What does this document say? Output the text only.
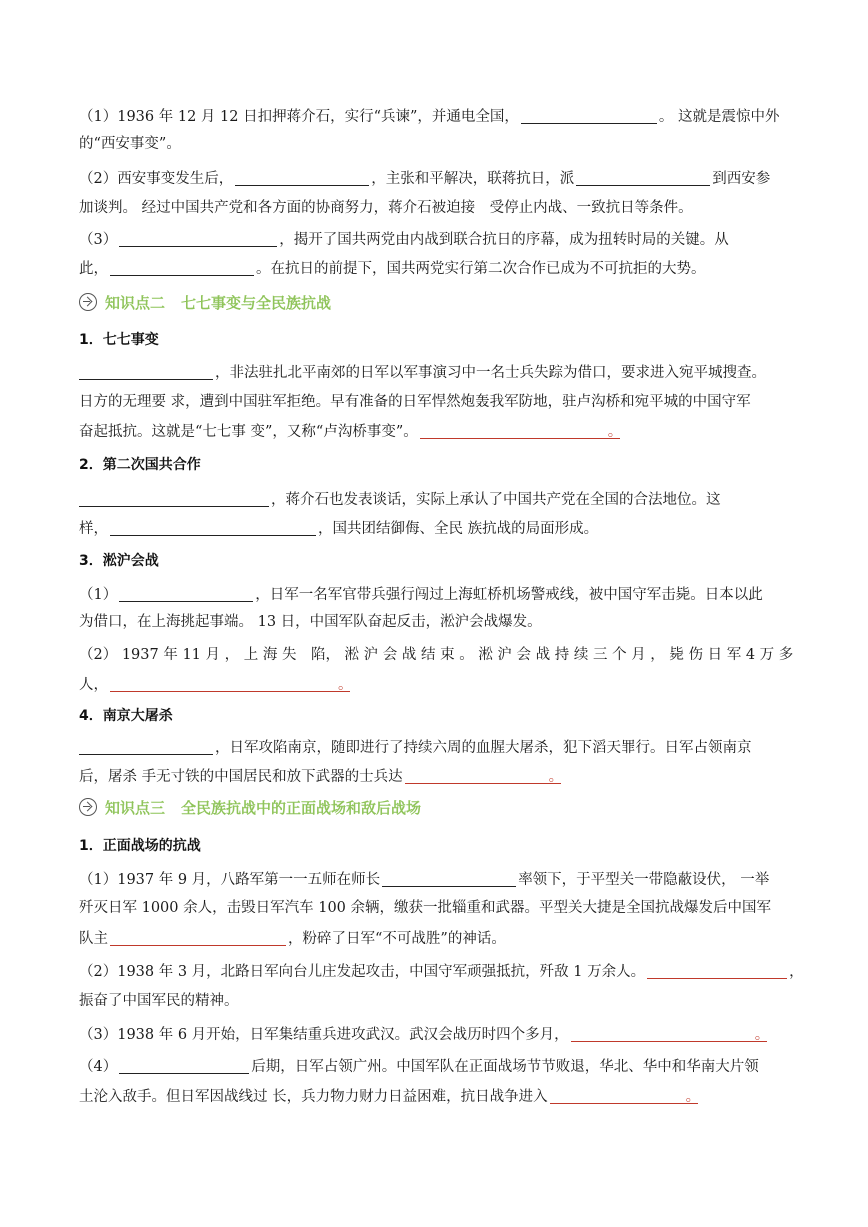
（1）1936 年 12 月 12 日扣押蒋介石，实行“兵谏”，并通电全国，	。 这就是震惊中外
的“西安事变”。
（2）西安事变发生后，	，主张和平解决，联蒋抗日，派	到西安参
加谈判。 经过中国共产党和各方面的协商努力，蒋介石被迫接　受停止内战、一致抗日等条件。
（3）	，揭开了国共两党由内战到联合抗日的序幕，成为扭转时局的关键。从
此，	。在抗日的前提下，国共两党实行第二次合作已成为不可抗拒的大势。
知识点二 七七事变与全民族抗战
1．七七事变
，非法驻扎北平南郊的日军以军事演习中一名士兵失踪为借口，要求进入宛平城搜查。
日方的无理要 求，遭到中国驻军拒绝。早有准备的日军悍然炮轰我军防地，驻卢沟桥和宛平城的中国守军
奋起抵抗。这就是“七七事 变”，又称“卢沟桥事变”。	。
2．第二次国共合作
，蒋介石也发表谈话，实际上承认了中国共产党在全国的合法地位。这
样，	，国共团结御侮、全民 族抗战的局面形成。
3．淞沪会战
（1）	，日军一名军官带兵强行闯过上海虹桥机场警戒线，被中国守军击毙。日本以此
为借口，在上海挑起事端。 13 日，中国军队奋起反击，淞沪会战爆发。
（2） 1937 年 11 月 ， 上 海 失　陷， 淞 沪 会 战 结 束 。 淞 沪 会 战 持 续 三 个 月 ， 毙 伤 日 军 4 万 多
人，	。
4．南京大屠杀
，日军攻陷南京，随即进行了持续六周的血腥大屠杀，犯下滔天罪行。日军占领南京
后，屠杀 手无寸铁的中国居民和放下武器的士兵达	。
知识点三 全民族抗战中的正面战场和敌后战场
1．正面战场的抗战
（1）1937 年 9 月，八路军第一一五师在师长	率领下，于平型关一带隐蔽设伏， 一举
歼灭日军 1000 余人，击毁日军汽车 100 余辆，缴获一批辎重和武器。平型关大捷是全国抗战爆发后中国军
队主	，粉碎了日军“不可战胜”的神话。
（2）1938 年 3 月，北路日军向台儿庄发起攻击，中国守军顽强抵抗，歼敌 1 万余人。	，
振奋了中国军民的精神。
（3）1938 年 6 月开始，日军集结重兵进攻武汉。武汉会战历时四个多月，	。
（4）	后期，日军占领广州。中国军队在正面战场节节败退，华北、华中和华南大片领
土沦入敌手。但日军因战线过 长，兵力物力财力日益困难，抗日战争进入	。
